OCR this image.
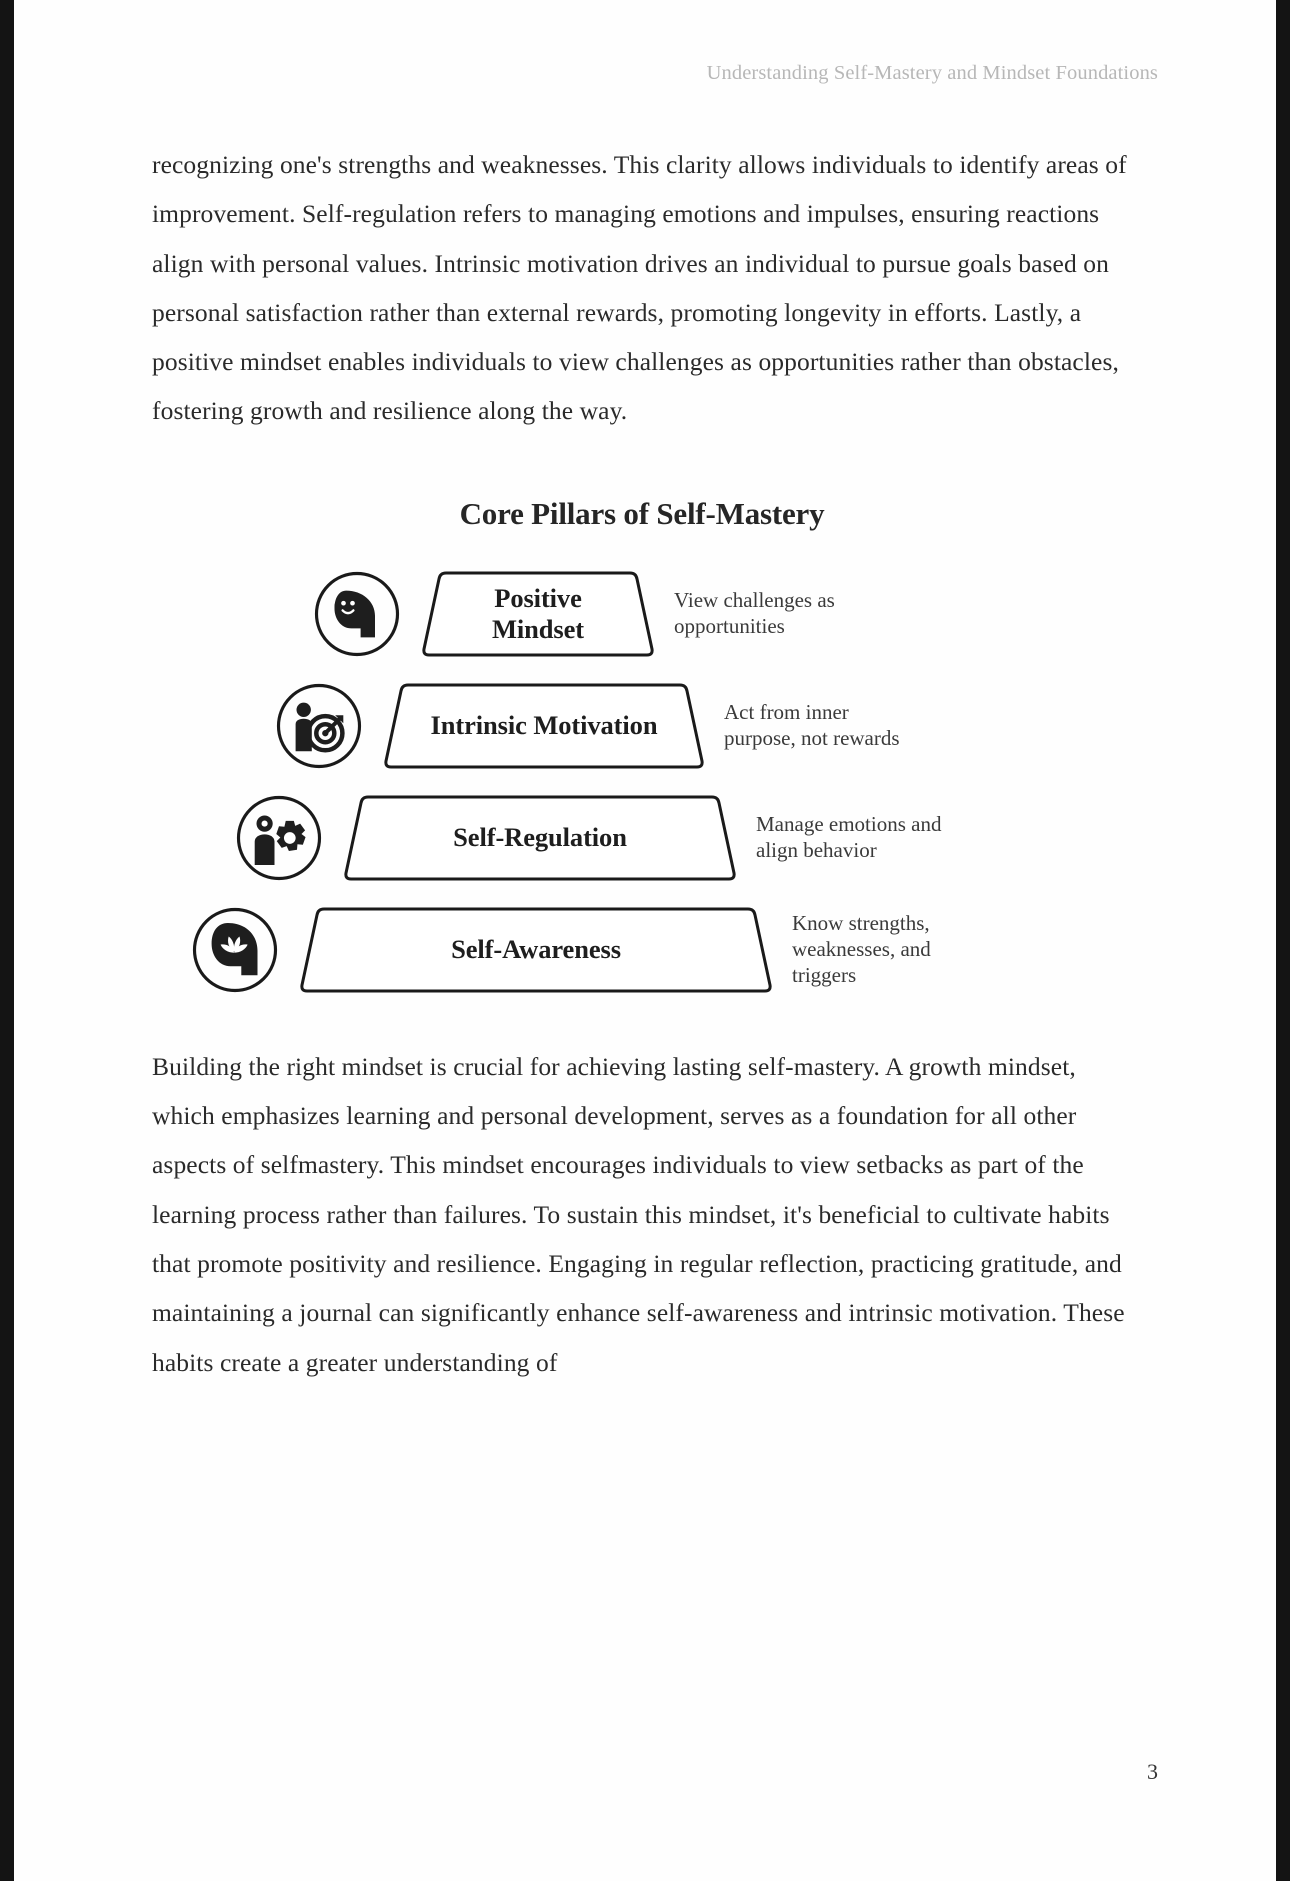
Understanding Self-Mastery and Mindset Foundations

recognizing one's strengths and weaknesses. This clarity allows individuals to identify areas of improvement. Self-regulation refers to managing emotions and impulses, ensuring reactions align with personal values. Intrinsic motivation drives an individual to pursue goals based on personal satisfaction rather than external rewards, promoting longevity in efforts. Lastly, a positive mindset enables individuals to view challenges as opportunities rather than obstacles, fostering growth and resilience along the way.

Core Pillars of Self-Mastery
Positive
Mindset
View challenges as opportunities
Intrinsic Motivation	Act from inner purpose, not rewards
Self-Regulation	Manage emotions and align behavior
Self-Awareness
Know strengths, weaknesses, and triggers

Building the right mindset is crucial for achieving lasting self-mastery. A growth mindset, which emphasizes learning and personal development, serves as a foundation for all other aspects of selfmastery. This mindset encourages individuals to view setbacks as part of the learning process rather than failures. To sustain this mindset, it's beneficial to cultivate habits that promote positivity and resilience. Engaging in regular reflection, practicing gratitude, and maintaining a journal can significantly enhance self-awareness and intrinsic motivation. These habits create a greater understanding of

3
